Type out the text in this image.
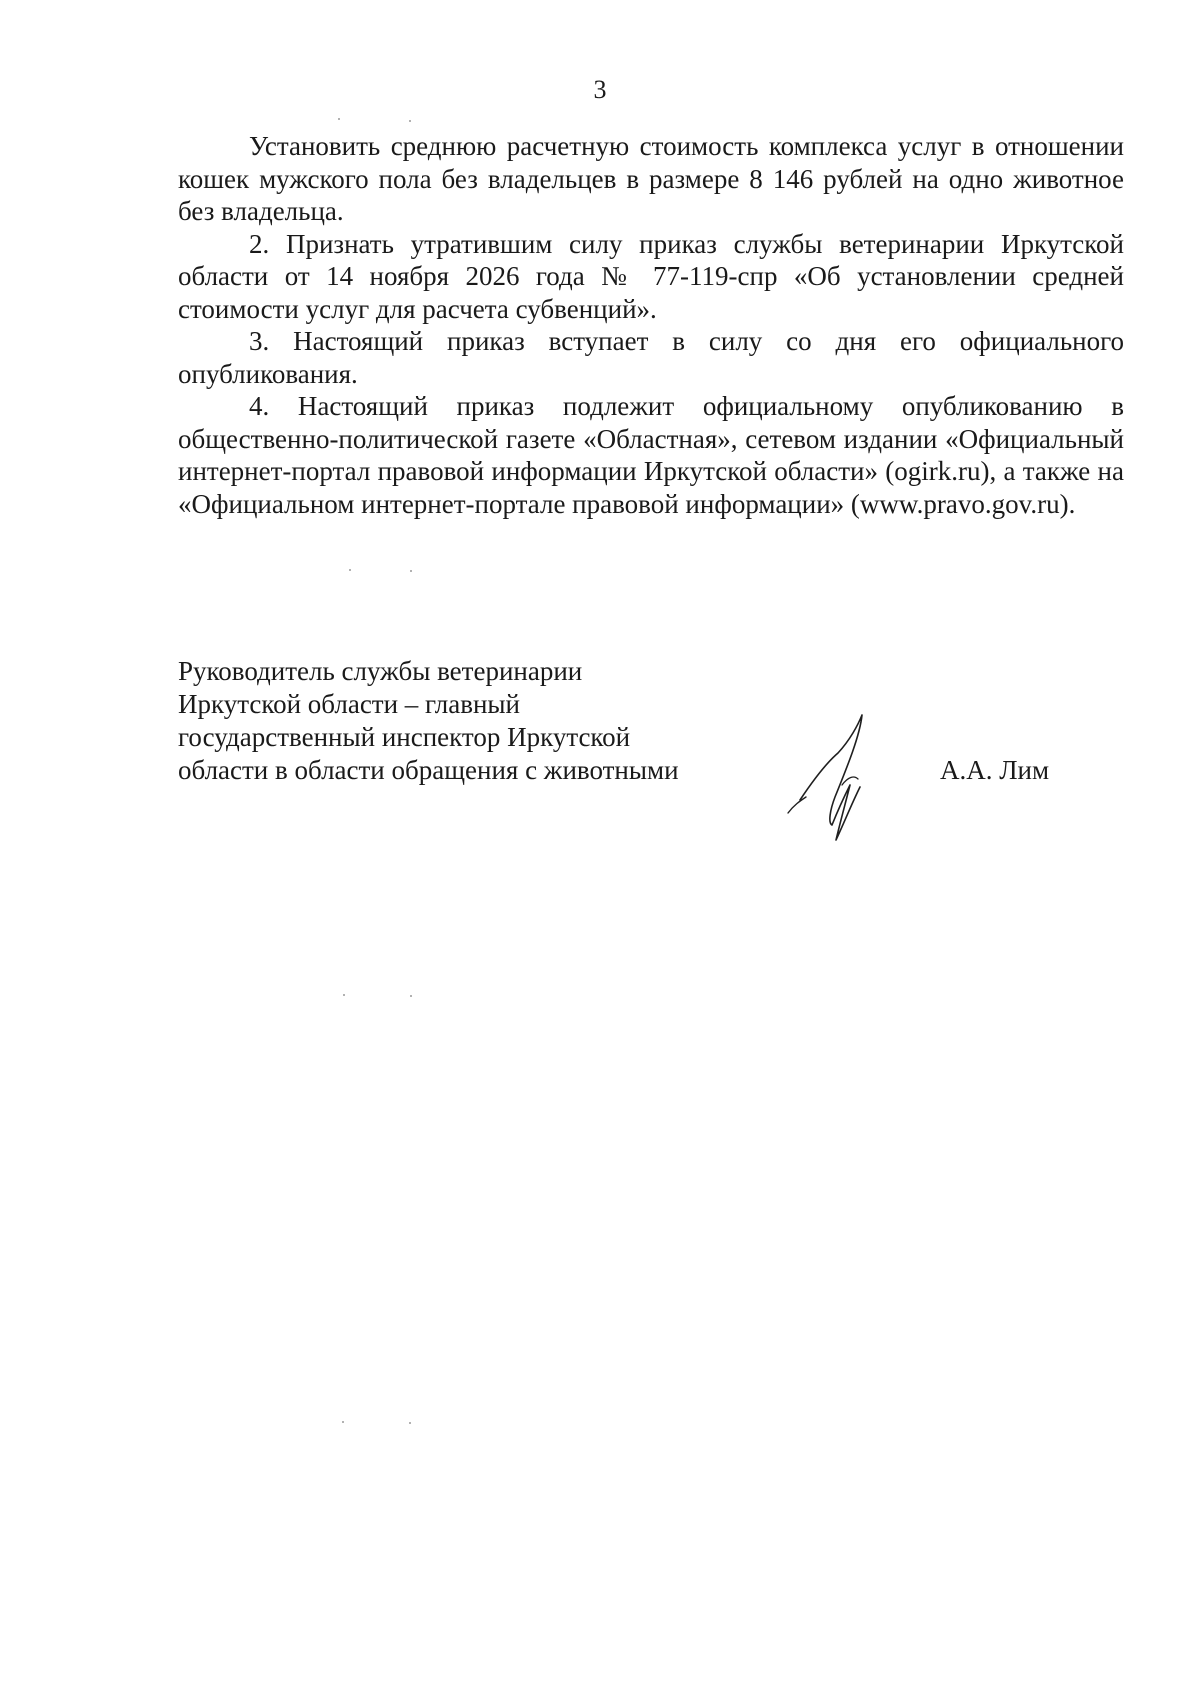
3

Установить среднюю расчетную стоимость комплекса услуг в отношении кошек мужского пола без владельцев в размере 8 146 рублей на одно животное без владельца.

2. Признать утратившим силу приказ службы ветеринарии Иркутской области от 14 ноября 2026 года № 77-119-спр «Об установлении средней стоимости услуг для расчета субвенций».

3. Настоящий приказ вступает в силу со дня его официального опубликования.

4. Настоящий приказ подлежит официальному опубликованию в общественно-политической газете «Областная», сетевом издании «Официальный интернет-портал правовой информации Иркутской области» (ogirk.ru), а также на «Официальном интернет-портале правовой информации» (www.pravo.gov.ru).

Руководитель службы ветеринарии
Иркутской области – главный
государственный инспектор Иркутской
области в области обращения с животными	А.А. Лим
